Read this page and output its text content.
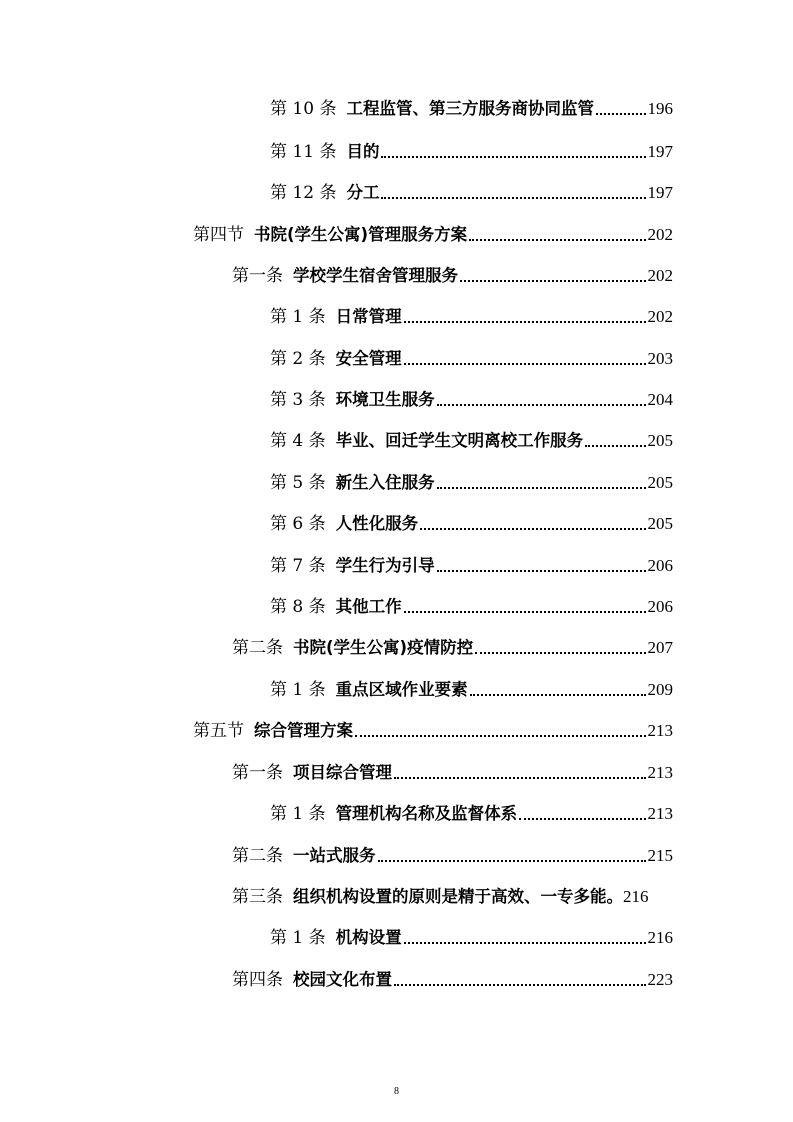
第 10 条 工程监管、第三方服务商协同监管	196
第 11 条 目的	197
第 12 条 分工	197
第四节 书院(学生公寓)管理服务方案	202
第一条 学校学生宿舍管理服务	202
第 1 条 日常管理	202
第 2 条 安全管理	203
第 3 条 环境卫生服务	204
第 4 条 毕业、回迁学生文明离校工作服务	205
第 5 条 新生入住服务	205
第 6 条 人性化服务	205
第 7 条 学生行为引导	206
第 8 条 其他工作	206
第二条 书院(学生公寓)疫情防控	207
第 1 条 重点区域作业要素	209
第五节 综合管理方案	213
第一条 项目综合管理	213
第 1 条 管理机构名称及监督体系	213
第二条 一站式服务	215
第三条 组织机构设置的原则是精于高效、一专多能。 216
第 1 条 机构设置	216
第四条 校园文化布置	223
8
